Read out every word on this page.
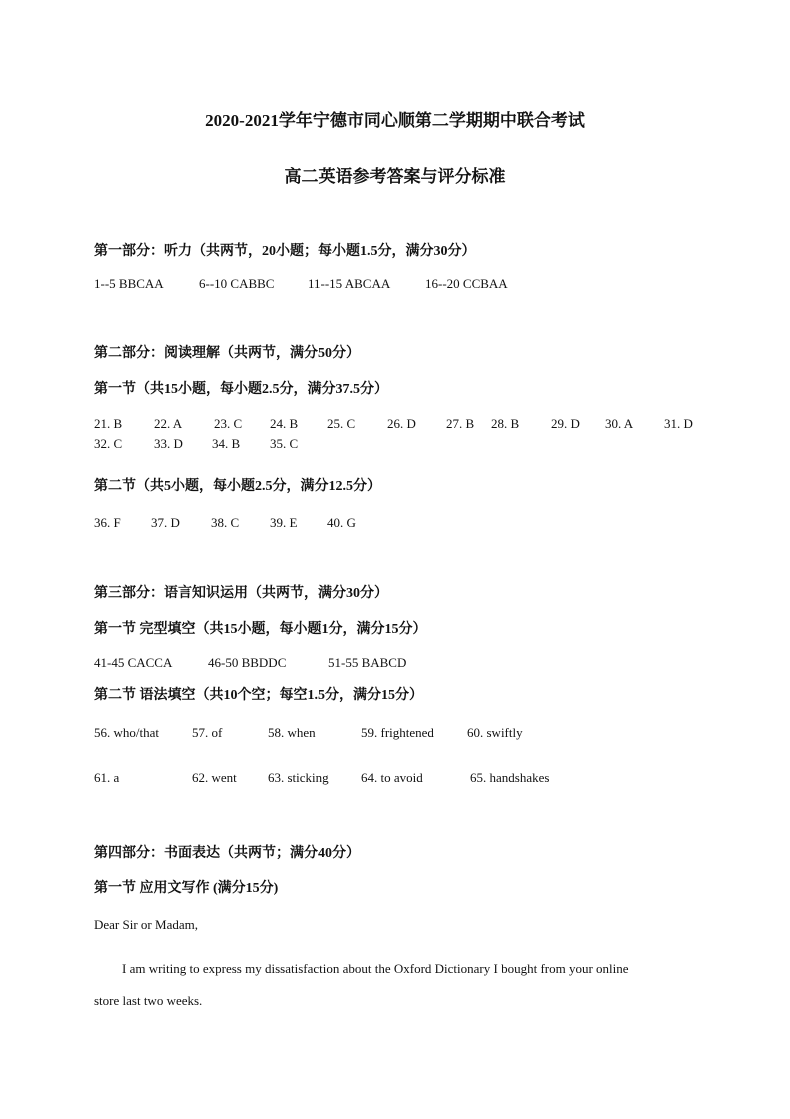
2020-2021学年宁德市同心顺第二学期期中联合考试
高二英语参考答案与评分标准
第一部分：听力（共两节，20小题；每小题1.5分，满分30分）
1--5 BBCAA	6--10 CABBC	11--15 ABCAA	16--20 CCBAA
第二部分：阅读理解（共两节，满分50分）
第一节（共15小题，每小题2.5分，满分37.5分）
21. B 22. A 23. C 24. B 25. C 26. D 27. B 28. B 29. D 30. A 31. D
32. C 33. D 34. B 35. C
第二节（共5小题，每小题2.5分，满分12.5分）
36. F 37. D 38. C 39. E 40. G
第三部分：语言知识运用（共两节，满分30分）
第一节 完型填空（共15小题，每小题1分，满分15分）
41-45 CACCA	46-50 BBDDC	51-55 BABCD
第二节 语法填空（共10个空；每空1.5分，满分15分）
56. who/that	57. of	58. when	59. frightened	60. swiftly
61. a	62. went 63. sticking 64. to avoid	65. handshakes
第四部分：书面表达（共两节；满分40分）
第一节 应用文写作 (满分15分)
Dear Sir or Madam,
I am writing to express my dissatisfaction about the Oxford Dictionary I bought from your online
store last two weeks.
